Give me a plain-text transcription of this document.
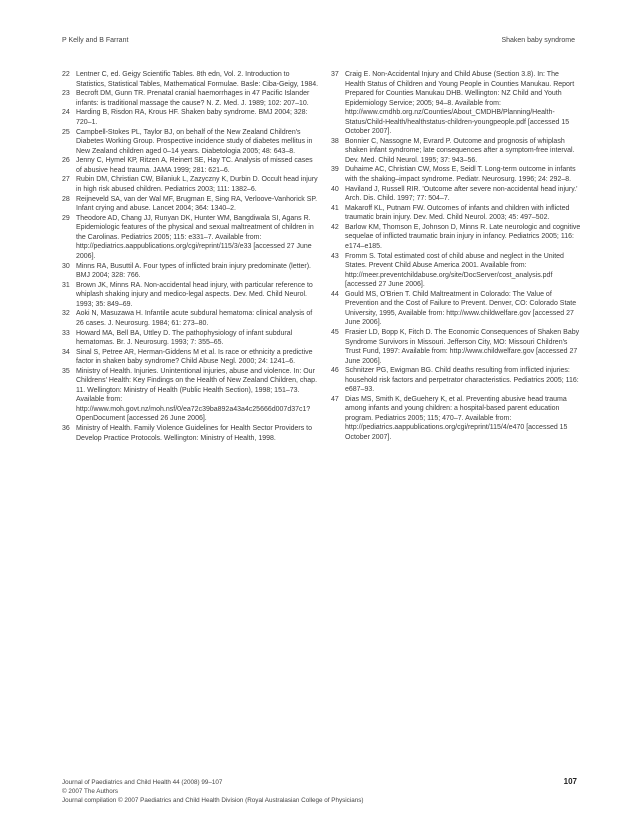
P Kelly and B Farrant	Shaken baby syndrome
22 Lentner C, ed. Geigy Scientific Tables. 8th edn, Vol. 2. Introduction to Statistics, Statistical Tables, Mathematical Formulae. Basle: Ciba-Geigy, 1984.
23 Becroft DM, Gunn TR. Prenatal cranial haemorrhages in 47 Pacific Islander infants: is traditional massage the cause? N. Z. Med. J. 1989; 102: 207–10.
24 Harding B, Risdon RA, Krous HF. Shaken baby syndrome. BMJ 2004; 328: 720–1.
25 Campbell-Stokes PL, Taylor BJ, on behalf of the New Zealand Children's Diabetes Working Group. Prospective incidence study of diabetes mellitus in New Zealand children aged 0–14 years. Diabetologia 2005; 48: 643–8.
26 Jenny C, Hymel KP, Ritzen A, Reinert SE, Hay TC. Analysis of missed cases of abusive head trauma. JAMA 1999; 281: 621–6.
27 Rubin DM, Christian CW, Bilaniuk L, Zazyczny K, Durbin D. Occult head injury in high risk abused children. Pediatrics 2003; 111: 1382–6.
28 Reijneveld SA, van der Wal MF, Brugman E, Sing RA, Verloove-Vanhorick SP. Infant crying and abuse. Lancet 2004; 364: 1340–2.
29 Theodore AD, Chang JJ, Runyan DK, Hunter WM, Bangdiwala SI, Agans R. Epidemiologic features of the physical and sexual maltreatment of children in the Carolinas. Pediatrics 2005; 115: e331–7. Available from: http://pediatrics.aappublications.org/cgi/reprint/115/3/e33 [accessed 27 June 2006].
30 Minns RA, Busuttil A. Four types of inflicted brain injury predominate (letter). BMJ 2004; 328: 766.
31 Brown JK, Minns RA. Non-accidental head injury, with particular reference to whiplash shaking injury and medico-legal aspects. Dev. Med. Child Neurol. 1993; 35: 849–69.
32 Aoki N, Masuzawa H. Infantile acute subdural hematoma: clinical analysis of 26 cases. J. Neurosurg. 1984; 61: 273–80.
33 Howard MA, Bell BA, Uttley D. The pathophysiology of infant subdural hematomas. Br. J. Neurosurg. 1993; 7: 355–65.
34 Sinal S, Petree AR, Herman-Giddens M et al. Is race or ethnicity a predictive factor in shaken baby syndrome? Child Abuse Negl. 2000; 24: 1241–6.
35 Ministry of Health. Injuries. Unintentional injuries, abuse and violence. In: Our Childrens' Health: Key Findings on the Health of New Zealand Children, chap. 11. Wellington: Ministry of Health (Public Health Section), 1998; 151–73. Available from: http://www.moh.govt.nz/moh.nsf/0/ea72c39ba892a43a4c25666d007d37c1?OpenDocument [accessed 26 June 2006].
36 Ministry of Health. Family Violence Guidelines for Health Sector Providers to Develop Practice Protocols. Wellington: Ministry of Health, 1998.
37 Craig E. Non-Accidental Injury and Child Abuse (Section 3.8). In: The Health Status of Children and Young People in Counties Manukau. Report Prepared for Counties Manukau DHB. Wellington: NZ Child and Youth Epidemiology Service; 2005; 94–8. Available from: http://www.cmdhb.org.nz/Counties/About_CMDHB/Planning/Health-Status/Child-Health/healthstatus-children-youngpeople.pdf [accessed 15 October 2007].
38 Bonnier C, Nassogne M, Evrard P. Outcome and prognosis of whiplash shaken infant syndrome; late consequences after a symptom-free interval. Dev. Med. Child Neurol. 1995; 37: 943–56.
39 Duhaime AC, Christian CW, Moss E, Seidl T. Long-term outcome in infants with the shaking–impact syndrome. Pediatr. Neurosurg. 1996; 24: 292–8.
40 Haviland J, Russell RIR. 'Outcome after severe non-accidental head injury.' Arch. Dis. Child. 1997; 77: 504–7.
41 Makaroff KL, Putnam FW. Outcomes of infants and children with inflicted traumatic brain injury. Dev. Med. Child Neurol. 2003; 45: 497–502.
42 Barlow KM, Thomson E, Johnson D, Minns R. Late neurologic and cognitive sequelae of inflicted traumatic brain injury in infancy. Pediatrics 2005; 116: e174–e185.
43 Fromm S. Total estimated cost of child abuse and neglect in the United States. Prevent Child Abuse America 2001. Available from: http://meer.preventchildabuse.org/site/DocServer/cost_analysis.pdf [accessed 27 June 2006].
44 Gould MS, O'Brien T. Child Maltreatment in Colorado: The Value of Prevention and the Cost of Failure to Prevent. Denver, CO: Colorado State University, 1995, Available from: http://www.childwelfare.gov [accessed 27 June 2006].
45 Frasier LD, Bopp K, Fitch D. The Economic Consequences of Shaken Baby Syndrome Survivors in Missouri. Jefferson City, MO: Missouri Children's Trust Fund, 1997: Available from: http://www.childwelfare.gov [accessed 27 June 2006].
46 Schnitzer PG, Ewigman BG. Child deaths resulting from inflicted injuries: household risk factors and perpetrator characteristics. Pediatrics 2005; 116: e687–93.
47 Dias MS, Smith K, deGuehery K, et al. Preventing abusive head trauma among infants and young children: a hospital-based parent education program. Pediatrics 2005; 115; 470–7. Available from: http://pediatrics.aappublications.org/cgi/reprint/115/4/e470 [accessed 15 October 2007].
Journal of Paediatrics and Child Health 44 (2008) 99–107
© 2007 The Authors
Journal compilation © 2007 Paediatrics and Child Health Division (Royal Australasian College of Physicians)
107
